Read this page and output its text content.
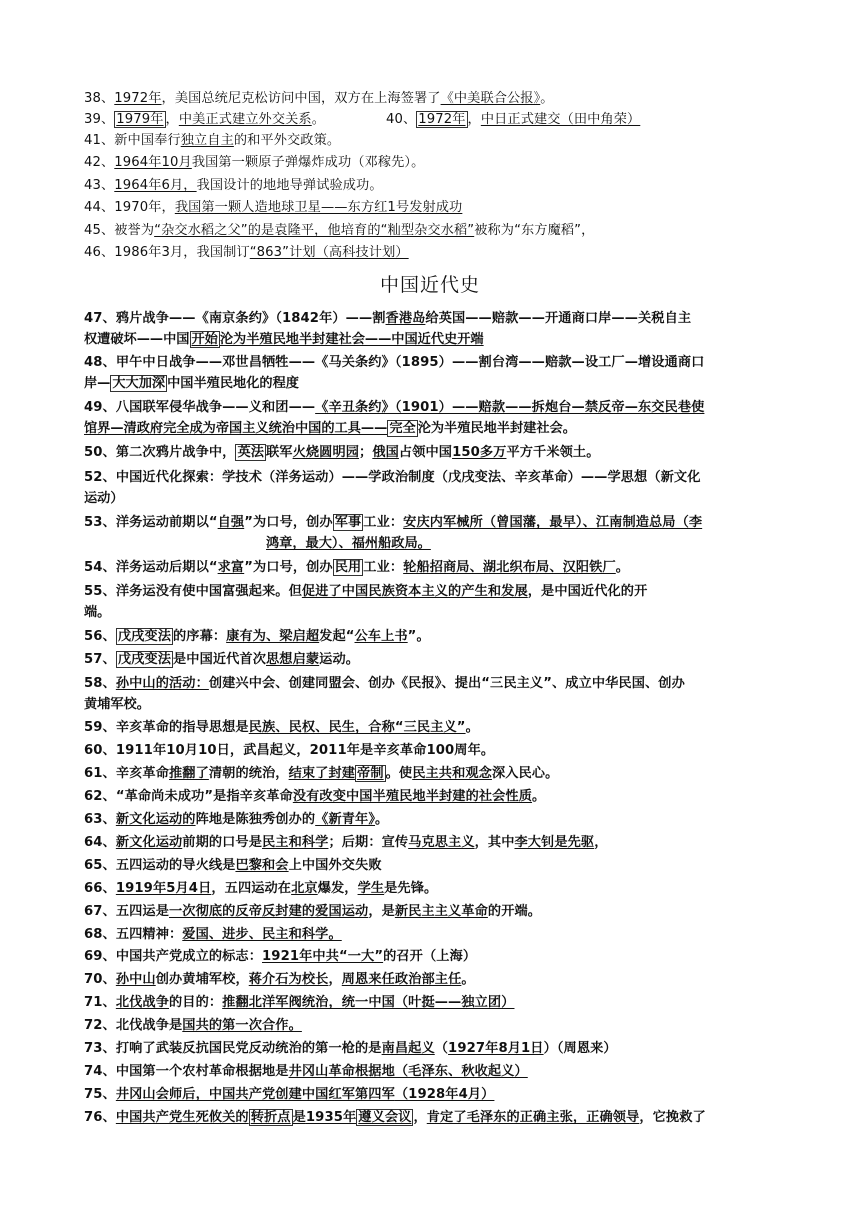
38、1972年，美国总统尼克松访问中国，双方在上海签署了《中美联合公报》。
39、 1979年 ，中美正式建立外交关系。	40、 1972年 ，中日正式建交（田中角荣）
41、新中国奉行独立自主的和平外交政策。
42、1964年10月我国第一颗原子弹爆炸成功（邓稼先）。
43、1964年6月，我国设计的地地导弹试验成功。
44、1970年，我国第一颗人造地球卫星——东方红1号发射成功
45、被誉为“杂交水稻之父”的是袁隆平，他培育的“籼型杂交水稻”被称为“东方魔稻”，
46、1986年3月，我国制订“863”计划（高科技计划）
中国近代史
47、鸦片战争——《南京条约》（1842年）——割香港岛给英国——赔款——开通商口岸——关税自主
权遭破坏——中国 开始 沦为半殖民地半封建社会——中国近代史开端
48、甲午中日战争——邓世昌牺牲——《马关条约》（1895）——割台湾——赔款—设工厂—增设通商口
岸— 大大加深 中国半殖民地化的程度
49、八国联军侵华战争——义和团——《辛丑条约》（1901）——赔款——拆炮台—禁反帝—东交民巷使
馆界—清政府完全成为帝国主义统治中国的工具—— 完全 沦为半殖民地半封建社会。
50、第二次鸦片战争中， 英法 联军火烧圆明园；俄国占领中国150多万平方千米领土。
52、中国近代化探索：学技术（洋务运动）——学政治制度（戊戌变法、辛亥革命）——学思想（新文化
运动）
53、洋务运动前期以“自强”为口号，创办 军事 工业：安庆内军械所（曾国藩，最早）、江南制造总局（李
鸿章，最大）、福州船政局。
54、洋务运动后期以“求富”为口号，创办 民用 工业：轮船招商局、湖北织布局、汉阳铁厂。
55、洋务运没有使中国富强起来。但促进了中国民族资本主义的产生和发展，是中国近代化的开
端。
56、 戊戌变法 的序幕：康有为、梁启超发起“公车上书”。
57、 戊戌变法 是中国近代首次思想启蒙运动。
58、孙中山的活动：创建兴中会、创建同盟会、创办《民报》、提出“三民主义”、成立中华民国、创办
黄埔军校。
59、辛亥革命的指导思想是民族、民权、民生，合称“三民主义”。
60、1911年10月10日，武昌起义，2011年是辛亥革命100周年。
61、辛亥革命推翻了清朝的统治，结束了封建 帝制 。使民主共和观念深入民心。
62、“革命尚未成功”是指辛亥革命没有改变中国半殖民地半封建的社会性质。
63、新文化运动的阵地是陈独秀创办的《新青年》。
64、新文化运动前期的口号是民主和科学；后期：宣传马克思主义，其中李大钊是先驱，
65、五四运动的导火线是巴黎和会上中国外交失败
66、1919年5月4日，五四运动在北京爆发，学生是先锋。
67、五四运是一次彻底的反帝反封建的爱国运动，是新民主主义革命的开端。
68、五四精神：爱国、进步、民主和科学。
69、中国共产党成立的标志：1921年中共“一大”的召开（上海）
70、孙中山创办黄埔军校，蒋介石为校长，周恩来任政治部主任。
71、北伐战争的目的：推翻北洋军阀统治，统一中国（叶挺——独立团）
72、北伐战争是国共的第一次合作。
73、打响了武装反抗国民党反动统治的第一枪的是南昌起义（1927年8月1日）（周恩来）
74、中国第一个农村革命根据地是井冈山革命根据地（毛泽东、秋收起义）
75、井冈山会师后，中国共产党创建中国红军第四军（1928年4月）
76、中国共产党生死攸关的 转折点 是1935年 遵义会议 ，肯定了毛泽东的正确主张，正确领导，它挽救了
